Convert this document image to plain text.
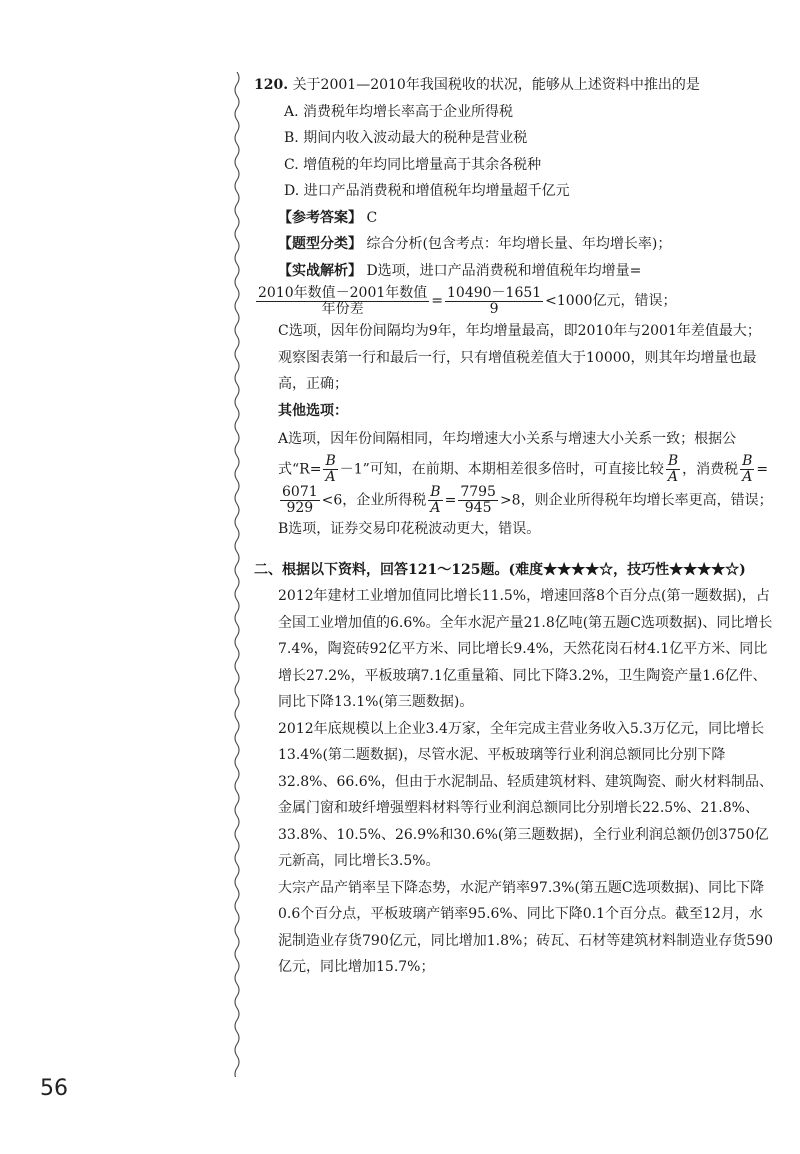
120. 关于2001—2010年我国税收的状况，能够从上述资料中推出的是

A. 消费税年均增长率高于企业所得税

B. 期间内收入波动最大的税种是营业税

C. 增值税的年均同比增量高于其余各税种

D. 进口产品消费税和增值税年均增量超千亿元

【参考答案】 C

【题型分类】 综合分析(包含考点：年均增长量、年均增长率)；

【实战解析】 D选项，进口产品消费税和增值税年均增量=

$\frac{\text{2010年数值－2001年数值}}{\text{年份差}} = \frac{10490-1651}{9} <1000$亿元，错误；

C选项，因年份间隔均为9年，年均增量最高，即2010年与2001年差值最大；观察图表第一行和最后一行，只有增值税差值大于10000，则其年均增量也最高，正确；

其他选项：

A选项，因年份间隔相同，年均增速大小关系与增速大小关系一致；根据公式“$R= \frac{B}{A} -1$”可知，在前期、本期相差很多倍时，可直接比较 $\frac{B}{A}$ ，消费税 $\frac{B}{A}$ =
$\frac{6071}{929} <6$，企业所得税 $\frac{B}{A} = \frac{7795}{945} >8$，则企业所得税年均增长率更高，错误；

B选项，证券交易印花税波动更大，错误。

二、根据以下资料，回答121～125题。(难度★★★★☆，技巧性★★★★☆)

2012年建材工业增加值同比增长11.5%，增速回落8个百分点(第一题数据)，占全国工业增加值的6.6%。全年水泥产量21.8亿吨(第五题C选项数据)、同比增长7.4%，陶瓷砖92亿平方米、同比增长9.4%，天然花岗石材4.1亿平方米、同比增长27.2%，平板玻璃7.1亿重量箱、同比下降3.2%，卫生陶瓷产量1.6亿件、同比下降13.1%(第三题数据)。

2012年底规模以上企业3.4万家，全年完成主营业务收入5.3万亿元，同比增长13.4%(第二题数据)，尽管水泥、平板玻璃等行业利润总额同比分别下降32.8%、66.6%，但由于水泥制品、轻质建筑材料、建筑陶瓷、耐火材料制品、金属门窗和玻纤增强塑料材料等行业利润总额同比分别增长22.5%、21.8%、33.8%、10.5%、26.9%和30.6%(第三题数据)，全行业利润总额仍创3750亿元新高，同比增长3.5%。

大宗产品产销率呈下降态势，水泥产销率97.3%(第五题C选项数据)、同比下降0.6个百分点，平板玻璃产销率95.6%、同比下降0.1个百分点。截至12月，水泥制造业存货790亿元，同比增加1.8%；砖瓦、石材等建筑材料制造业存货590亿元，同比增加15.7%；

56
